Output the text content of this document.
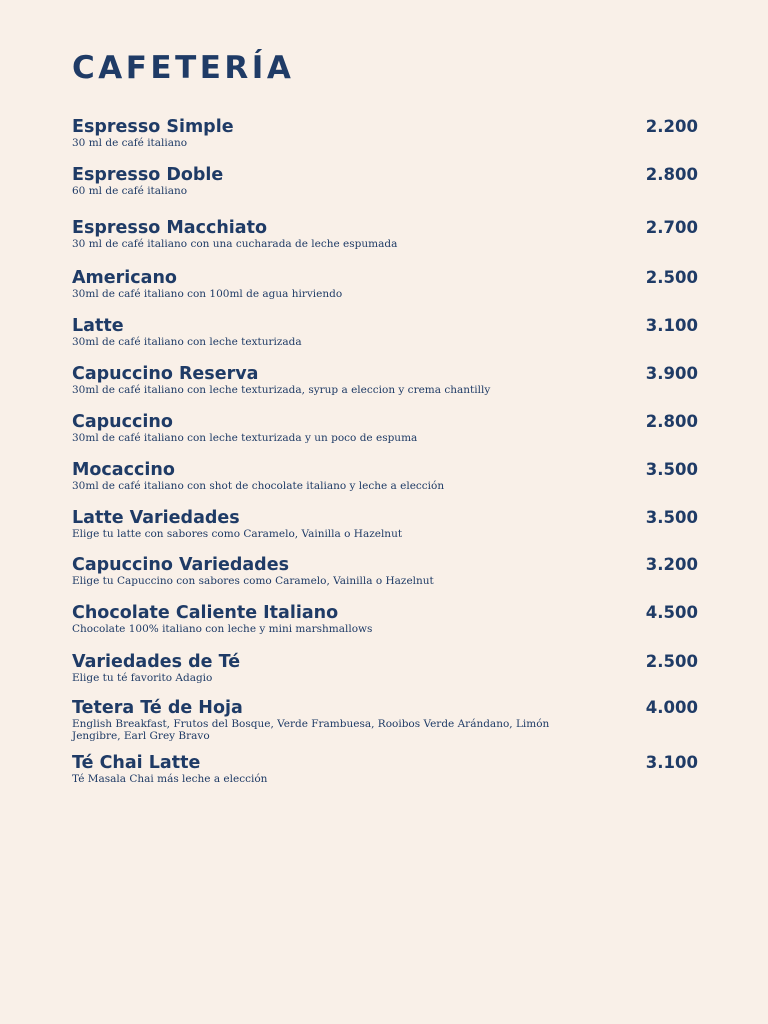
CAFETERÍA
Espresso Simple
30 ml de café italiano
2.200
Espresso Doble
60 ml de café italiano
2.800
Espresso Macchiato
30 ml de café italiano con una cucharada de leche espumada
2.700
Americano
30ml de café italiano con 100ml de agua hirviendo
2.500
Latte
30ml de café italiano con leche texturizada
3.100
Capuccino Reserva
30ml de café italiano con leche texturizada, syrup a eleccion y crema chantilly
3.900
Capuccino
30ml de café italiano con leche texturizada y un poco de espuma
2.800
Mocaccino
30ml de café italiano con shot de chocolate italiano y leche a elección
3.500
Latte Variedades
Elige tu latte con sabores como Caramelo, Vainilla o Hazelnut
3.500
Capuccino Variedades
Elige tu Capuccino con sabores como Caramelo, Vainilla o Hazelnut
3.200
Chocolate Caliente Italiano
Chocolate 100% italiano con leche y mini marshmallows
4.500
Variedades de Té
Elige tu té favorito Adagio
2.500
Tetera Té de Hoja
English Breakfast, Frutos del Bosque, Verde Frambuesa, Rooibos Verde Arándano, Limón Jengibre, Earl Grey Bravo
4.000
Té Chai Latte
Té Masala Chai más leche a elección
3.100
